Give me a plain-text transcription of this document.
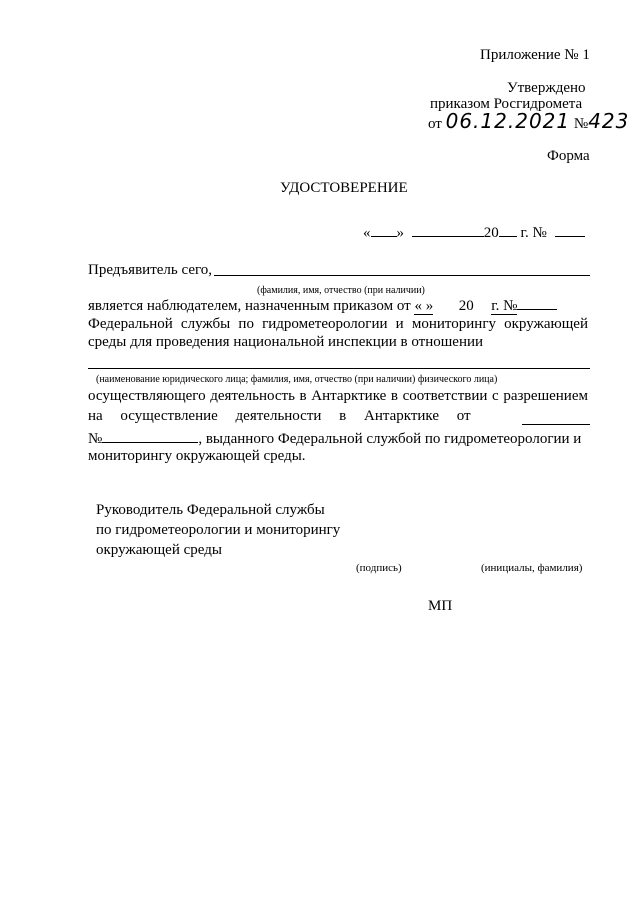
Приложение № 1
Утверждено
приказом Росгидромета
от 06.12.2021 №423
Форма
УДОСТОВЕРЕНИЕ
« »	20 г. №
Предъявитель сего,
(фамилия, имя, отчество (при наличии)
является наблюдателем, назначенным приказом от « » 20 г. №
Федеральной службы по гидрометеорологии и мониторингу окружающей
среды для проведения национальной инспекции в отношении
(наименование юридического лица; фамилия, имя, отчество (при наличии) физического лица)
осуществляющего деятельность в Антарктике в соответствии с разрешением
на осуществление деятельности в Антарктике от
№	, выданного Федеральной службой по гидрометеорологии и
мониторингу окружающей среды.
Руководитель Федеральной службы
по гидрометеорологии и мониторингу
окружающей среды
(подпись)	(инициалы, фамилия)
МП
